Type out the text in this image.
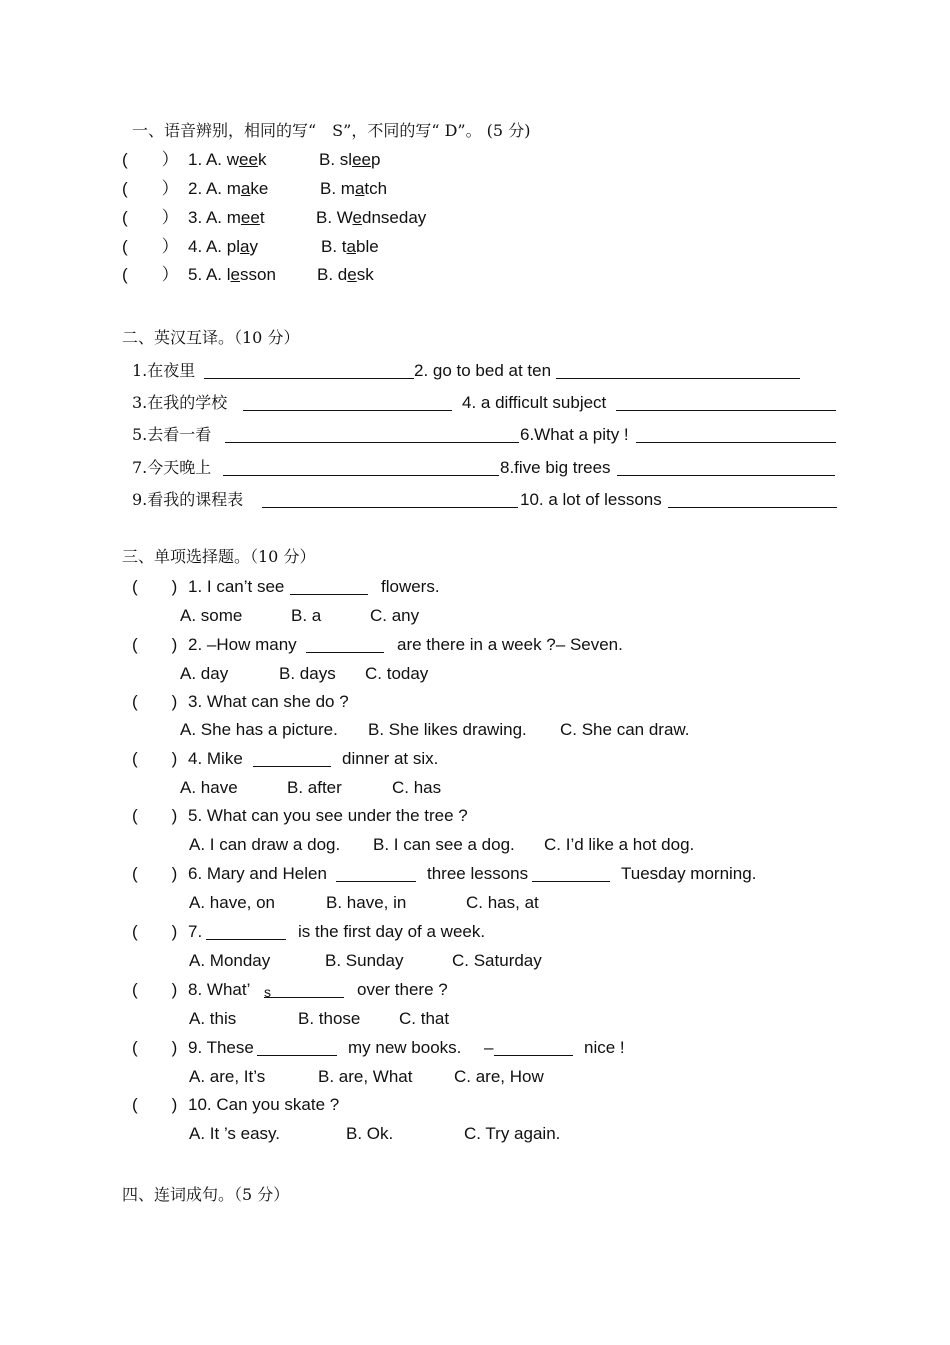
一、语音辨别，相同的写“　S”，不同的写“ D”。 (5 分)
(　　） 1. A. week	B. sleep
(　　） 2. A. make	B. match
(　　） 3. A. meet	B. Wednseday
(　　） 4. A. play	B. table
(　　） 5. A. lesson B. desk
二、英汉互译。（10 分）
1.在夜里	2. go to bed at ten
3.在我的学校	4. a difficult subject
5.去看一看	6.What a pity !
7.今天晚上	8.five big trees
9.看我的课程表	10. a lot of lessons
三、单项选择题。（10 分）
(　　) 1. I can’t see	flowers.
A. some	B. a	C. any
(　　) 2. –How many	are there in a week ?– Seven.
A. day	B. days C. today
(　　) 3. What can she do ?
A. She has a picture. B. She likes drawing. C. She can draw.
(　　) 4. Mike	dinner at six.
A. have	B. after	C. has
(　　) 5. What can you see under the tree ?
A. I can draw a dog. B. I can see a dog. C. I’d like a hot dog.
(　　) 6. Mary and Helen	three lessons	Tuesday morning.
A. have, on	B. have, in	C. has, at
(　　) 7.	is the first day of a week.
A. Monday	B. Sunday	C. Saturday
(　　) 8. What’ s	over there ?
A. this	B. those C. that
(　　) 9. These	my new books. –	nice !
A. are, It’s	B. are, What C. are, How
(　　) 10. Can you skate ?
A. It ’s easy.	B. Ok.	C. Try again.
四、连词成句。（5 分）
